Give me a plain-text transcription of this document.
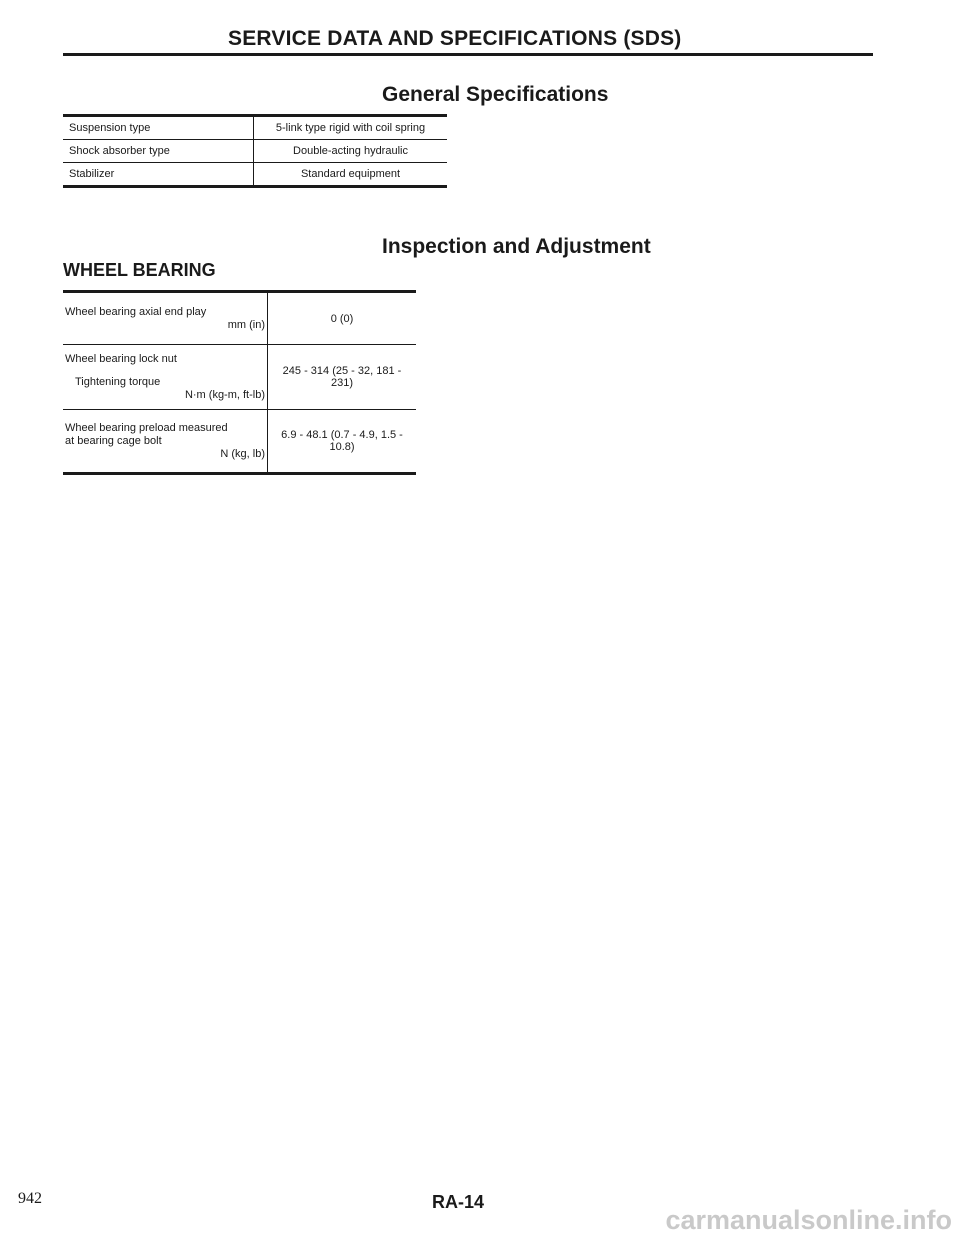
SERVICE DATA AND SPECIFICATIONS (SDS)
General Specifications
Suspension type	5-link type rigid with coil spring
Shock absorber type	Double-acting hydraulic
Stabilizer	Standard equipment
Inspection and Adjustment
WHEEL BEARING
Wheel bearing axial end play
mm (in)	0 (0)

Wheel bearing lock nut
Tightening torque
N·m (kg-m, ft-lb)	245 - 314 (25 - 32, 181 - 231)

Wheel bearing preload measured
at bearing cage bolt
N (kg, lb)	6.9 - 48.1 (0.7 - 4.9, 1.5 - 10.8)
942	RA-14
carmanualsonline.info
